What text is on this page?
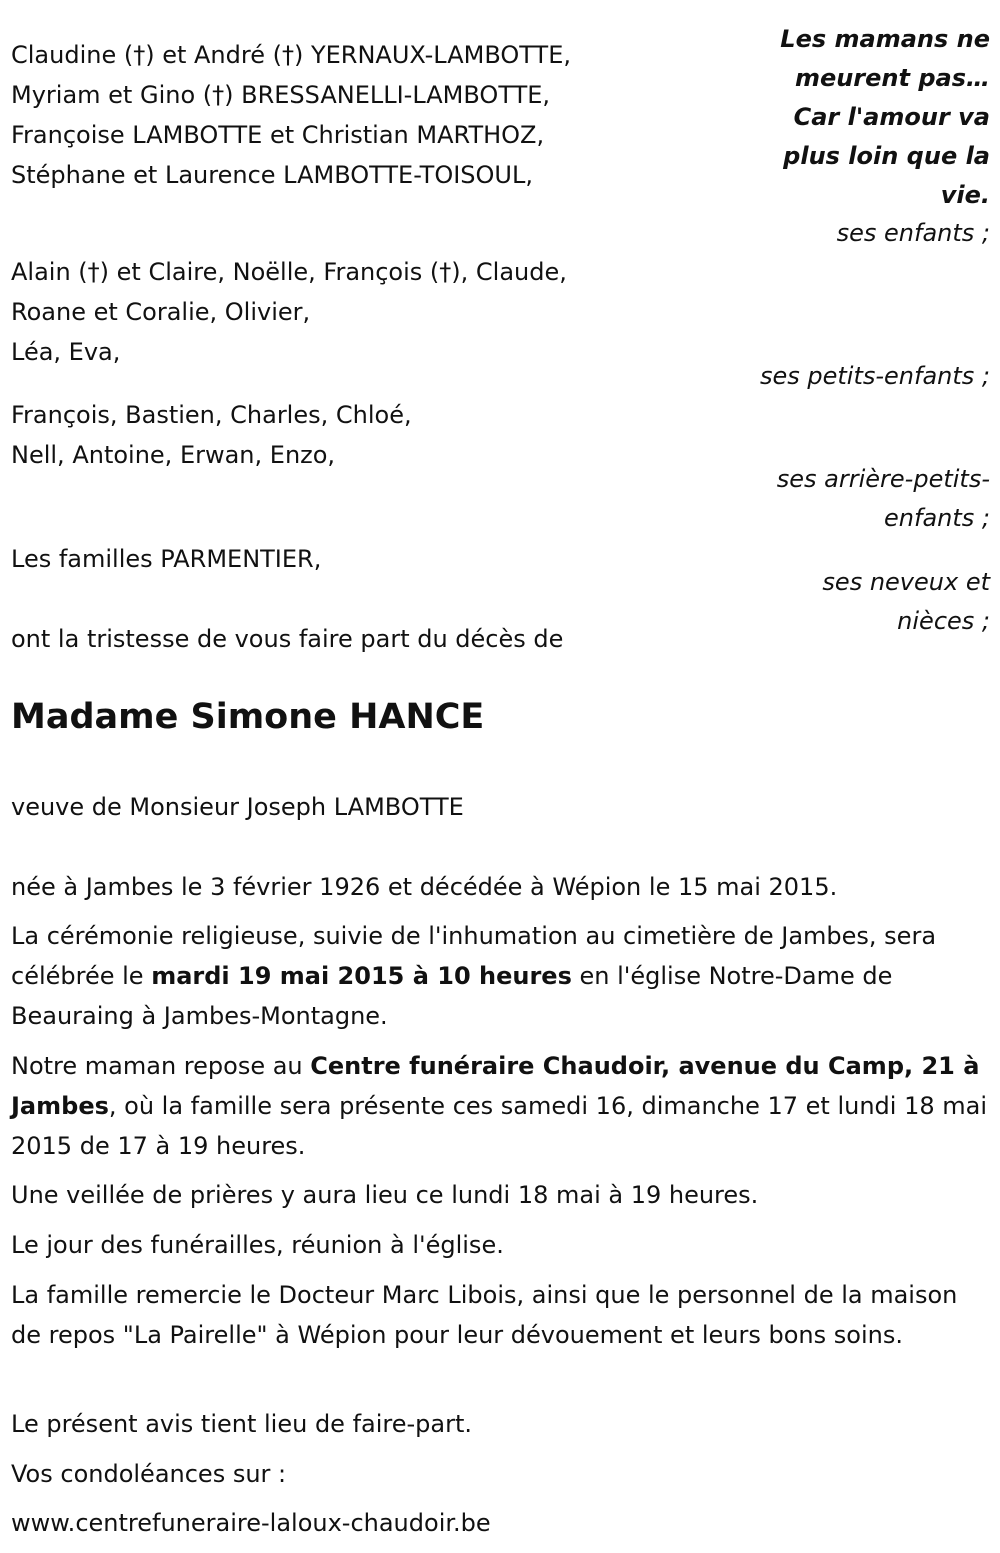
Les mamans ne meurent pas… Car l'amour va plus loin que la vie.
Claudine (†) et André (†) YERNAUX-LAMBOTTE,
Myriam et Gino (†) BRESSANELLI-LAMBOTTE,
Françoise LAMBOTTE et Christian MARTHOZ,
Stéphane et Laurence LAMBOTTE-TOISOUL,
ses enfants ;
Alain (†) et Claire, Noëlle, François (†), Claude,
Roane et Coralie, Olivier,
Léa, Eva,
ses petits-enfants ;
François, Bastien, Charles, Chloé,
Nell, Antoine, Erwan, Enzo,
ses arrière-petits-enfants ;
Les familles PARMENTIER,
ses neveux et nièces ;
ont la tristesse de vous faire part du décès de
Madame Simone HANCE
veuve de Monsieur Joseph LAMBOTTE
née à Jambes le 3 février 1926 et décédée à Wépion le 15 mai 2015.
La cérémonie religieuse, suivie de l'inhumation au cimetière de Jambes, sera célébrée le mardi 19 mai 2015 à 10 heures en l'église Notre-Dame de Beauraing à Jambes-Montagne.
Notre maman repose au Centre funéraire Chaudoir, avenue du Camp, 21 à Jambes, où la famille sera présente ces samedi 16, dimanche 17 et lundi 18 mai 2015 de 17 à 19 heures.
Une veillée de prières y aura lieu ce lundi 18 mai à 19 heures.
Le jour des funérailles, réunion à l'église.
La famille remercie le Docteur Marc Libois, ainsi que le personnel de la maison de repos "La Pairelle" à Wépion pour leur dévouement et leurs bons soins.
Le présent avis tient lieu de faire-part.
Vos condoléances sur :
www.centrefuneraire-laloux-chaudoir.be
